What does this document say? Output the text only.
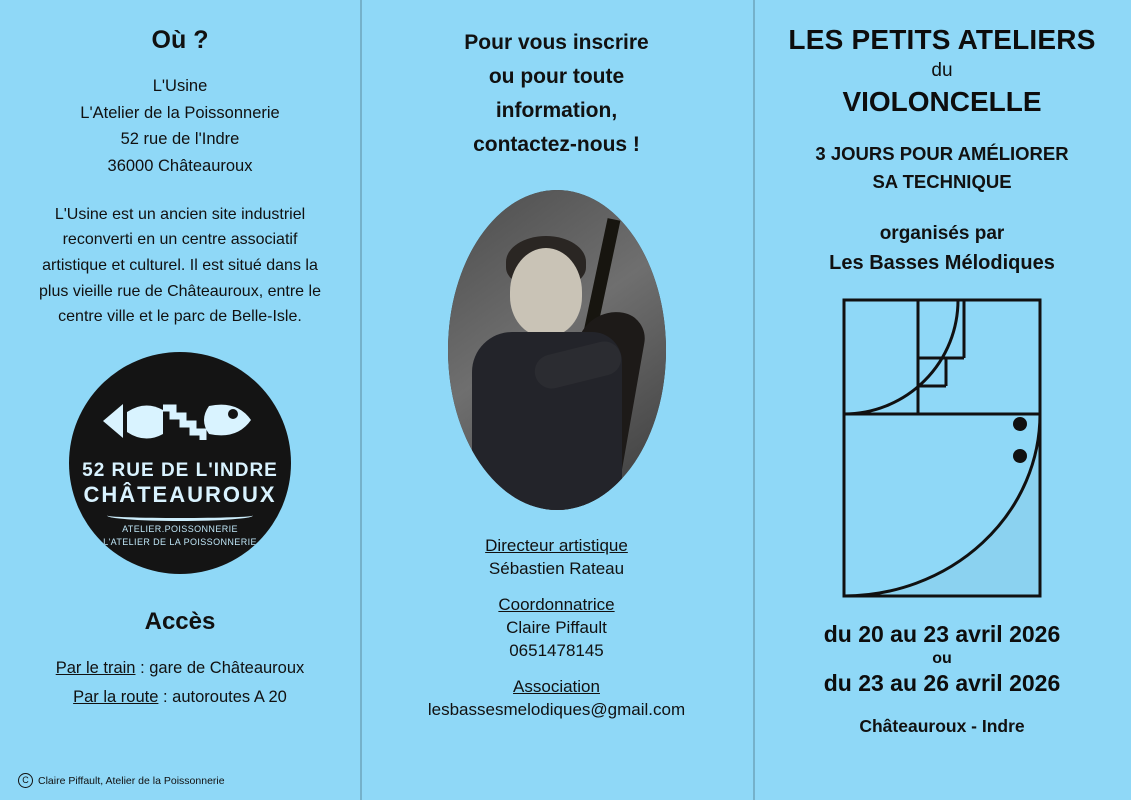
Où ?
L'Usine
L'Atelier de la Poissonnerie
52 rue de l'Indre
36000 Châteauroux
L'Usine est un ancien site industriel reconverti en un centre associatif artistique et culturel. Il est situé dans la plus vieille rue de Châteauroux, entre le centre ville et le parc de Belle-Isle.
52 RUE DE L'INDRE
CHÂTEAUROUX
ATELIER.POISSONNERIE
L'ATELIER DE LA POISSONNERIE
Accès
Par le train : gare de Châteauroux
Par la route : autoroutes A 20
C Claire Piffault, Atelier de la Poissonnerie
Pour vous inscrire
ou pour toute
information,
contactez-nous !
Directeur artistique
Sébastien Rateau
Coordonnatrice
Claire Piffault
0651478145
Association
lesbassesmelodiques@gmail.com
LES PETITS ATELIERS
du
VIOLONCELLE
3 JOURS POUR AMÉLIORER
SA TECHNIQUE
organisés par
Les Basses Mélodiques
du 20 au 23 avril 2026
ou
du 23 au 26 avril 2026
Châteauroux - Indre
